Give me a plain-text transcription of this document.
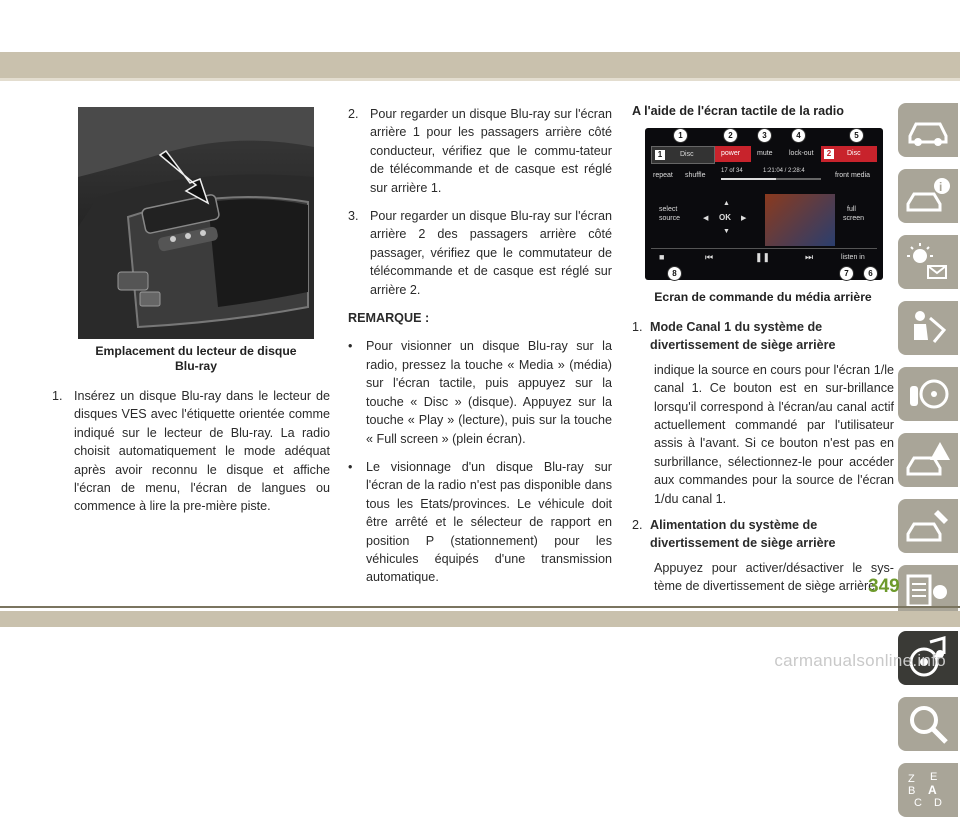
Emplacement du lecteur de disque
Blu-ray
1. Insérez un disque Blu-ray dans le lecteur de disques VES avec l'étiquette orientée comme indiqué sur le lecteur de Blu-ray. La radio choisit automatiquement le mode adéquat après avoir reconnu le disque et affiche l'écran de menu, l'écran de langues ou commence à lire la pre-mière piste.
2. Pour regarder un disque Blu-ray sur l'écran arrière 1 pour les passagers arrière côté conducteur, vérifiez que le commu-tateur de télécommande et de casque est réglé sur arrière 1.
3. Pour regarder un disque Blu-ray sur l'écran arrière 2 des passagers arrière côté passager, vérifiez que le commutateur de télécommande et de casque est réglé sur arrière 2.
REMARQUE :
•	Pour visionner un disque Blu-ray sur la radio, pressez la touche « Media » (média) sur l'écran tactile, puis appuyez sur la touche « Disc » (disque). Appuyez sur la touche « Play » (lecture), puis sur la touche « Full screen » (plein écran).
•	Le visionnage d'un disque Blu-ray sur l'écran de la radio n'est pas disponible dans tous les Etats/provinces. Le véhicule doit être arrêté et le sélecteur de rapport en position P (stationnement) pour les véhicules équipés d'une transmission automatique.
A l'aide de l'écran tactile de la radio
1	Disc	power mute lock-out	2	Disc
repeat shuffle
17 of 34	1:21:04 / 2:28:4
front media
select
source
▲
◀ OK ▶
▼
full
screen
■	⏮	❚❚	⏭	listen in
1	2	3	4	5
8	7	6
Ecran de commande du média arrière
1. Mode Canal 1 du système de divertissement de siège arrière
indique la source en cours pour l'écran 1/le canal 1. Ce bouton est en sur-brillance lorsqu'il correspond à l'écran/au canal actif actuellement commandé par l'utilisateur assis à l'avant. Si ce bouton n'est pas en surbrillance, sélectionnez-le pour accéder aux commandes pour la source de l'écran 1/du canal 1.
2. Alimentation du système de divertissement de siège arrière
Appuyez pour activer/désactiver le sys-tème de divertissement de siège arrière.
i
Z E
B A
C D
349
carmanualsonline.info
